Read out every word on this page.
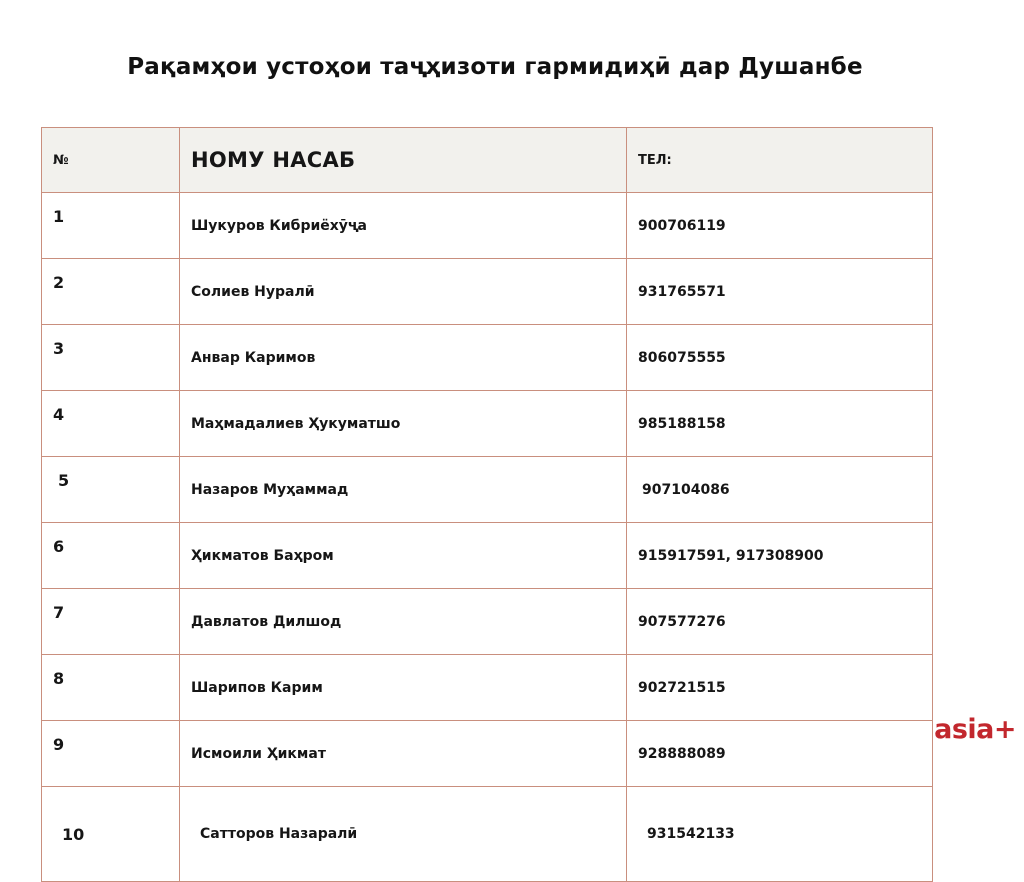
Рақамҳои устоҳои таҷҳизоти гармидиҳӣ дар Душанбе
№	НОМУ НАСАБ	ТЕЛ:
1	Шукуров Кибриёхӯҷа	900706119
2	Солиев Нуралӣ	931765571
3	Анвар Каримов	806075555
4	Маҳмадалиев Ҳукуматшо	985188158
5	Назаров Муҳаммад	907104086
6	Ҳикматов Баҳром	915917591, 917308900
7	Давлатов Дилшод	907577276
8	Шарипов Карим	902721515
9	Исмоили Ҳикмат	928888089
10	Сатторов Назаралӣ	931542133
asia+
